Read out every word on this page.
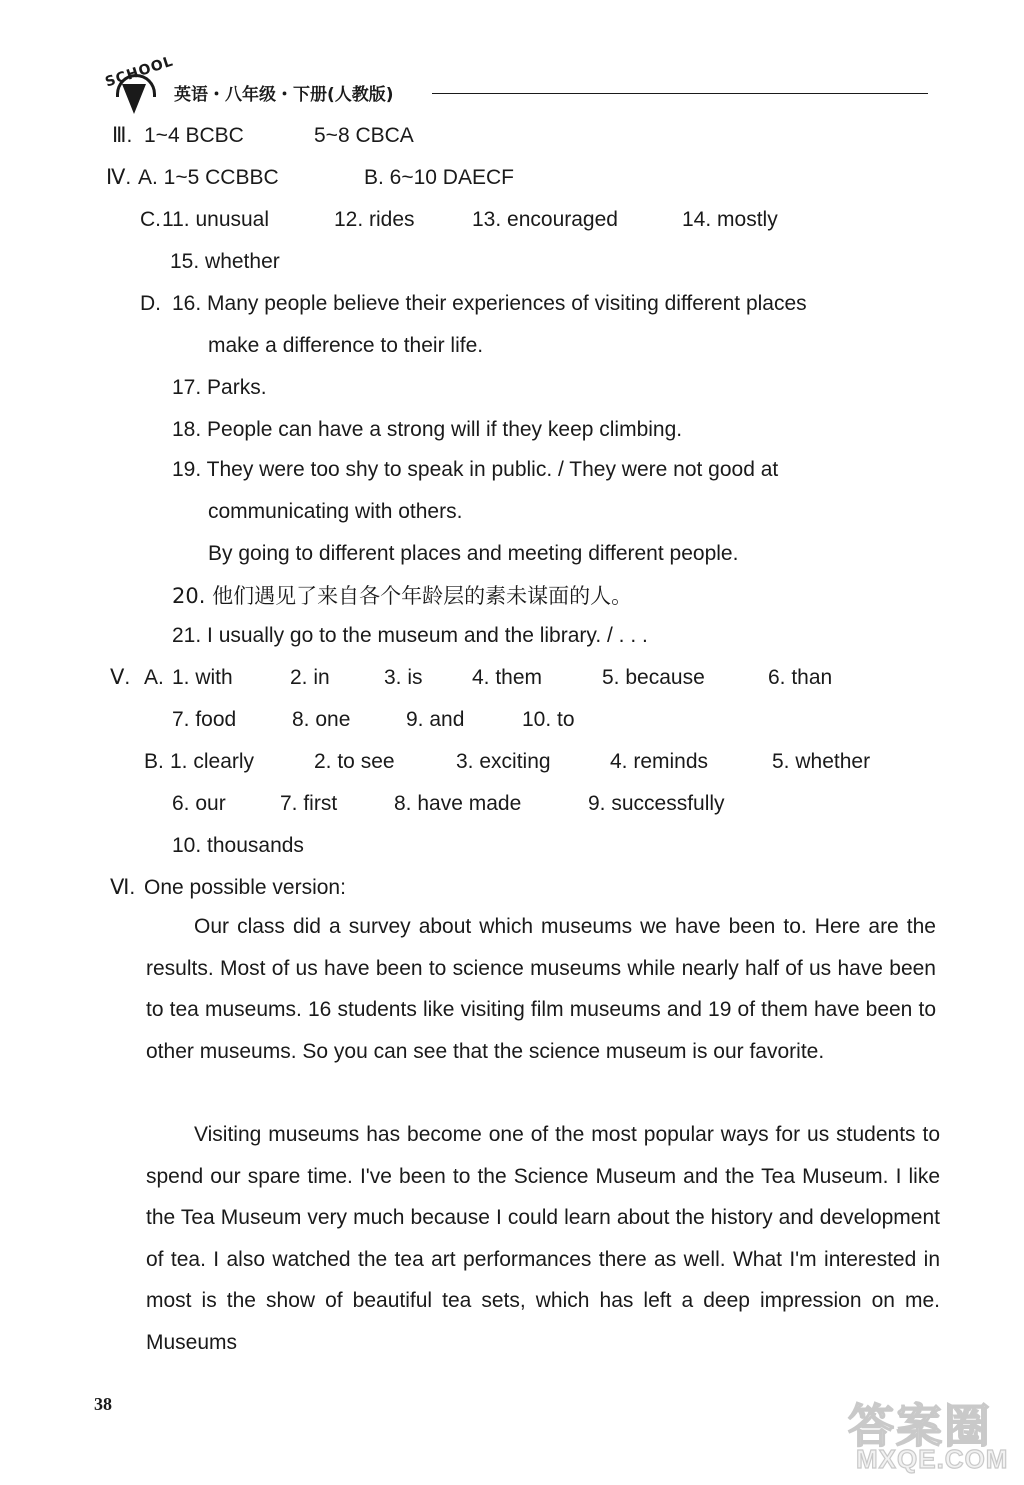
SCHOOL
英语・八年级・下册(人教版)
Ⅲ. 1~4 BCBC	5~8 CBCA
Ⅳ. A. 1~5 CCBBC	B. 6~10 DAECF
C. 11. unusual	12. rides	13. encouraged	14. mostly
15. whether
D. 16. Many people believe their experiences of visiting different places
make a difference to their life.
17. Parks.
18. People can have a strong will if they keep climbing.
19. They were too shy to speak in public. / They were not good at
communicating with others.
By going to different places and meeting different people.
20. 他们遇见了来自各个年龄层的素未谋面的人。
21. I usually go to the museum and the library. / . . .
Ⅴ. A. 1. with	2. in	3. is 4. them	5. because	6. than
7. food	8. one	9. and	10. to
B. 1. clearly	2. to see	3. exciting	4. reminds	5. whether
6. our	7. first	8. have made	9. successfully
10. thousands
Ⅵ. One possible version:
Our class did a survey about which museums we have been to. Here are the results. Most of us have been to science museums while nearly half of us have been to tea museums. 16 students like visiting film museums and 19 of them have been to other museums. So you can see that the science museum is our favorite.
Visiting museums has become one of the most popular ways for us students to spend our spare time. I've been to the Science Museum and the Tea Museum. I like the Tea Museum very much because I could learn about the history and development of tea. I also watched the tea art performances there as well. What I'm interested in most is the show of beautiful tea sets, which has left a deep impression on me. Museums
38	答案圈
MXQE.COM
